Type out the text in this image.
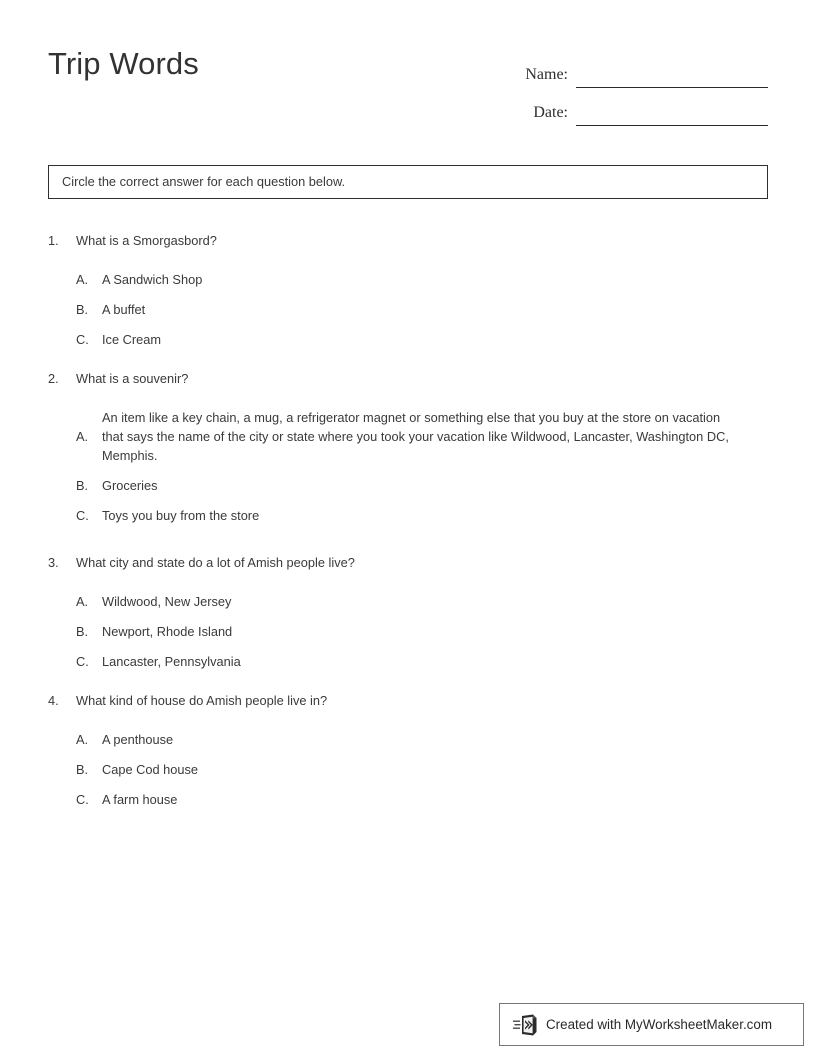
Trip Words	Name:
Date:
Circle the correct answer for each question below.
1.	What is a Smorgasbord?
A.	A Sandwich Shop
B.	A buffet
C.	Ice Cream
2.	What is a souvenir?
A.
An item like a key chain, a mug, a refrigerator magnet or something else that you buy at the store on vacation that says the name of the city or state where you took your vacation like Wildwood, Lancaster, Washington DC, Memphis.
B.	Groceries
C.	Toys you buy from the store
3.	What city and state do a lot of Amish people live?
A.	Wildwood, New Jersey
B.	Newport, Rhode Island
C.	Lancaster, Pennsylvania
4.	What kind of house do Amish people live in?
A.	A penthouse
B.	Cape Cod house
C.	A farm house
Created with MyWorksheetMaker.com
